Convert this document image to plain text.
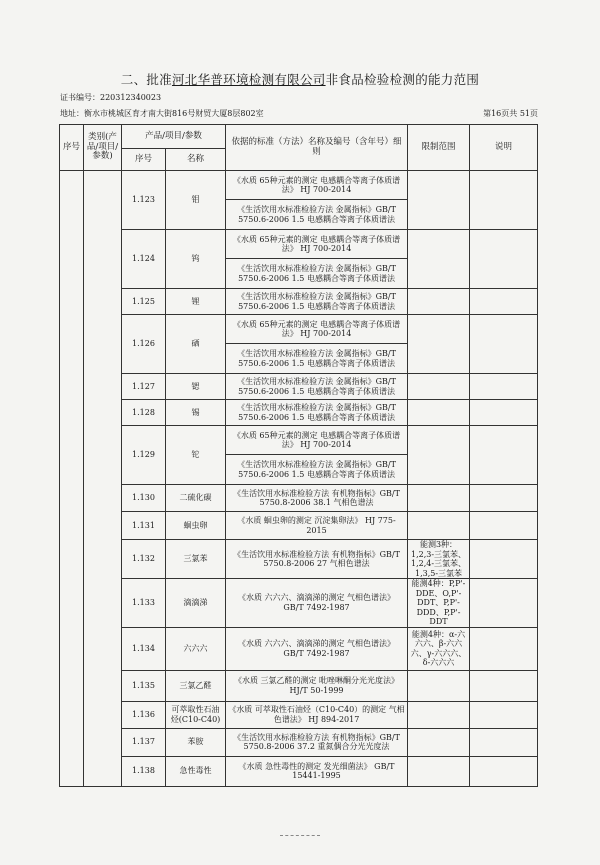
二、批准河北华普环境检测有限公司非食品检验检测的能力范围
证书编号：220312340023
地址：衡水市桃城区育才南大街816号财贸大厦8层802室	第16页共 51页
序号	类别(产品/项目/参数)	产品/项目/参数		依据的标准（方法）名称及编号（含年号）细则	限制范围	说明
		序号	名称			
		1.123	钼	《水质 65种元素的测定 电感耦合等离子体质谱法》 HJ 700-2014		
				《生活饮用水标准检验方法 金属指标》GB/T 5750.6-2006 1.5 电感耦合等离子体质谱法		
		1.124	钨	《水质 65种元素的测定 电感耦合等离子体质谱法》 HJ 700-2014		
				《生活饮用水标准检验方法 金属指标》GB/T 5750.6-2006 1.5 电感耦合等离子体质谱法		
		1.125	锂	《生活饮用水标准检验方法 金属指标》GB/T 5750.6-2006 1.5 电感耦合等离子体质谱法		
		1.126	硒	《水质 65种元素的测定 电感耦合等离子体质谱法》 HJ 700-2014		
				《生活饮用水标准检验方法 金属指标》GB/T 5750.6-2006 1.5 电感耦合等离子体质谱法		
		1.127	锶	《生活饮用水标准检验方法 金属指标》GB/T 5750.6-2006 1.5 电感耦合等离子体质谱法		
		1.128	锡	《生活饮用水标准检验方法 金属指标》GB/T 5750.6-2006 1.5 电感耦合等离子体质谱法		
		1.129	铊	《水质 65种元素的测定 电感耦合等离子体质谱法》 HJ 700-2014		
				《生活饮用水标准检验方法 金属指标》GB/T 5750.6-2006 1.5 电感耦合等离子体质谱法		
		1.130	二硫化碳	《生活饮用水标准检验方法 有机物指标》GB/T 5750.8-2006 38.1 气相色谱法		
		1.131	蛔虫卵	《水质 蛔虫卵的测定 沉淀集卵法》 HJ 775-2015		
		1.132	三氯苯	《生活饮用水标准检验方法 有机物指标》GB/T 5750.8-2006 27 气相色谱法	能测3种：1,2,3-三氯苯、1,2,4-三氯苯、1,3,5-三氯苯	
		1.133	滴滴涕	《水质 六六六、滴滴涕的测定 气相色谱法》 GB/T 7492-1987	能测4种：P,P'-DDE、O,P'-DDT、P,P'-DDD、P,P'-DDT	
		1.134	六六六	《水质 六六六、滴滴涕的测定 气相色谱法》 GB/T 7492-1987	能测4种：α-六六六、β-六六六、γ-六六六、δ-六六六	
		1.135	三氯乙醛	《水质 三氯乙醛的测定 吡唑啉酮分光光度法》 HJ/T 50-1999		
		1.136	可萃取性石油烃(C10-C40)	《水质 可萃取性石油烃（C10-C40）的测定 气相色谱法》 HJ 894-2017		
		1.137	苯胺	《生活饮用水标准检验方法 有机物指标》GB/T 5750.8-2006 37.2 重氮偶合分光光度法		
		1.138	急性毒性	《水质 急性毒性的测定 发光细菌法》 GB/T 15441-1995		
